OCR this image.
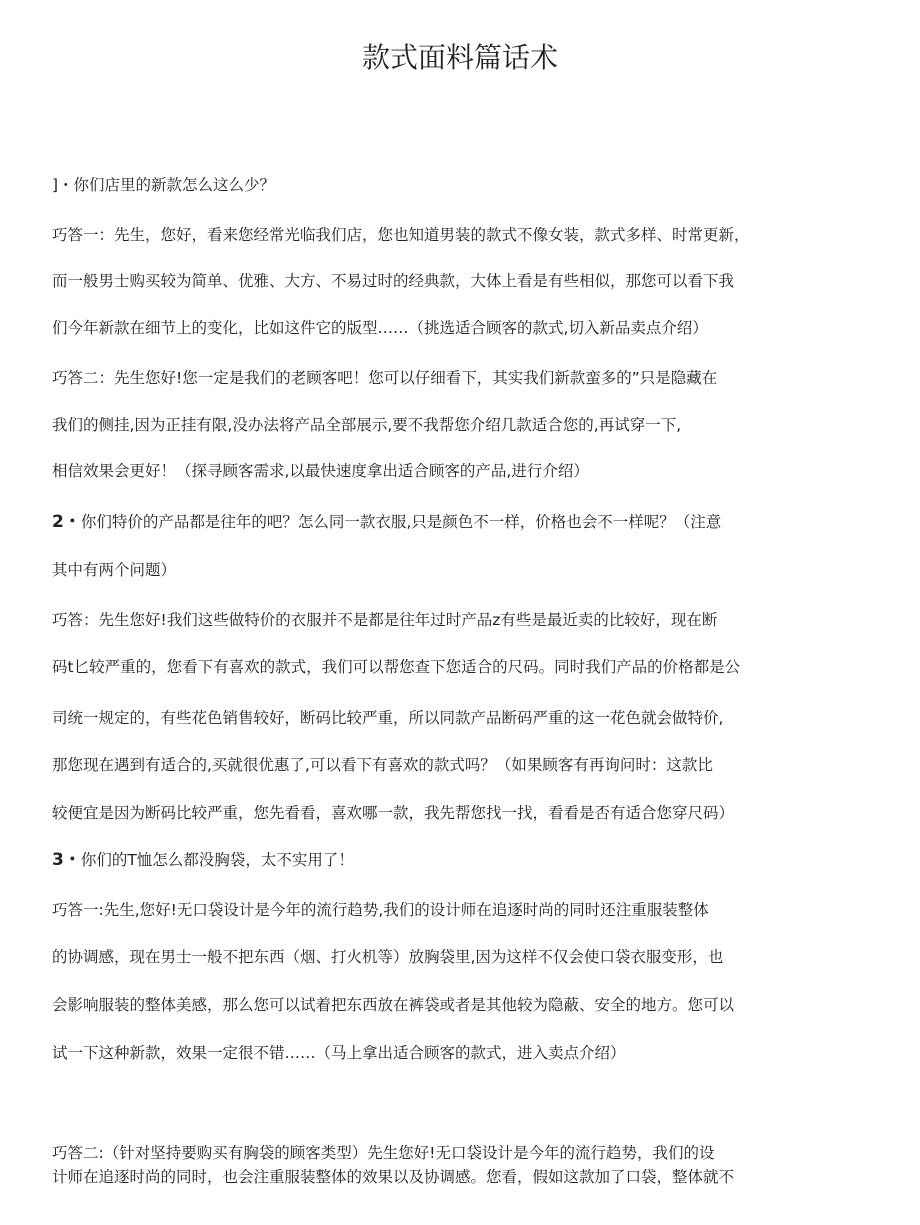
款式面料篇话术
]・你们店里的新款怎么这么少？
巧答一：先生，您好，看来您经常光临我们店，您也知道男装的款式不像女装，款式多样、时常更新，
而一般男士购买较为简单、优雅、大方、不易过时的经典款，大体上看是有些相似，那您可以看下我
们今年新款在细节上的变化，比如这件它的版型……（挑选适合顾客的款式,切入新品卖点介绍）
巧答二：先生您好!您一定是我们的老顾客吧！您可以仔细看下，其实我们新款蛮多的”只是隐藏在
我们的侧挂,因为正挂有限,没办法将产品全部展示,要不我帮您介绍几款适合您的,再试穿一下,
相信效果会更好！（探寻顾客需求,以最快速度拿出适合顾客的产品,进行介绍）
2・你们特价的产品都是往年的吧？怎么同一款衣服,只是颜色不一样，价格也会不一样呢？（注意
其中有两个问题）
巧答：先生您好!我们这些做特价的衣服并不是都是往年过时产品z有些是最近卖的比较好，现在断
码t匕较严重的，您看下有喜欢的款式，我们可以帮您查下您适合的尺码。同时我们产品的价格都是公
司统一规定的，有些花色销售较好，断码比较严重，所以同款产品断码严重的这一花色就会做特价,
那您现在遇到有适合的,买就很优惠了,可以看下有喜欢的款式吗？（如果顾客有再询问时：这款比
较便宜是因为断码比较严重，您先看看，喜欢哪一款，我先帮您找一找，看看是否有适合您穿尺码）
3・你们的T恤怎么都没胸袋，太不实用了！
巧答一:先生,您好!无口袋设计是今年的流行趋势,我们的设计师在追逐时尚的同时还注重服装整体
的协调感，现在男士一般不把东西（烟、打火机等）放胸袋里,因为这样不仅会使口袋衣服变形，也
会影响服装的整体美感，那么您可以试着把东西放在裤袋或者是其他较为隐蔽、安全的地方。您可以
试一下这种新款，效果一定很不错……（马上拿出适合顾客的款式，进入卖点介绍）
巧答二:（针对坚持要购买有胸袋的顾客类型）先生您好!无口袋设计是今年的流行趋势，我们的设
计师在追逐时尚的同时，也会注重服装整体的效果以及协调感。您看，假如这款加了口袋，整体就不
